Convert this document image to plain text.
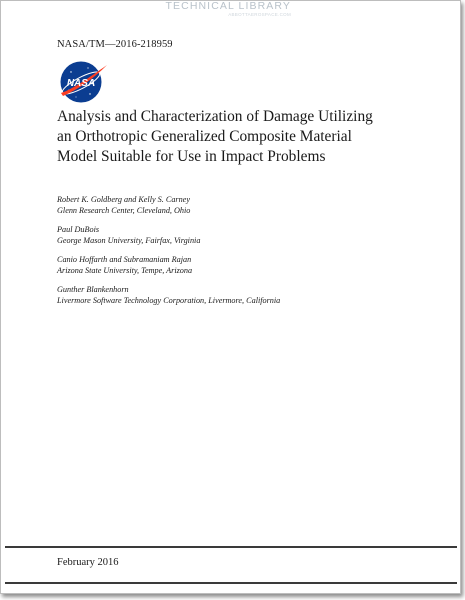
TECHNICAL LIBRARY
ABBOTTAEROSPACE.COM
NASA/TM—2016-218959
NASA
Analysis and Characterization of Damage Utilizing
an Orthotropic Generalized Composite Material
Model Suitable for Use in Impact Problems
Robert K. Goldberg and Kelly S. Carney
Glenn Research Center, Cleveland, Ohio
Paul DuBois
George Mason University, Fairfax, Virginia
Canio Hoffarth and Subramaniam Rajan
Arizona State University, Tempe, Arizona
Gunther Blankenhorn
Livermore Software Technology Corporation, Livermore, California
February 2016
